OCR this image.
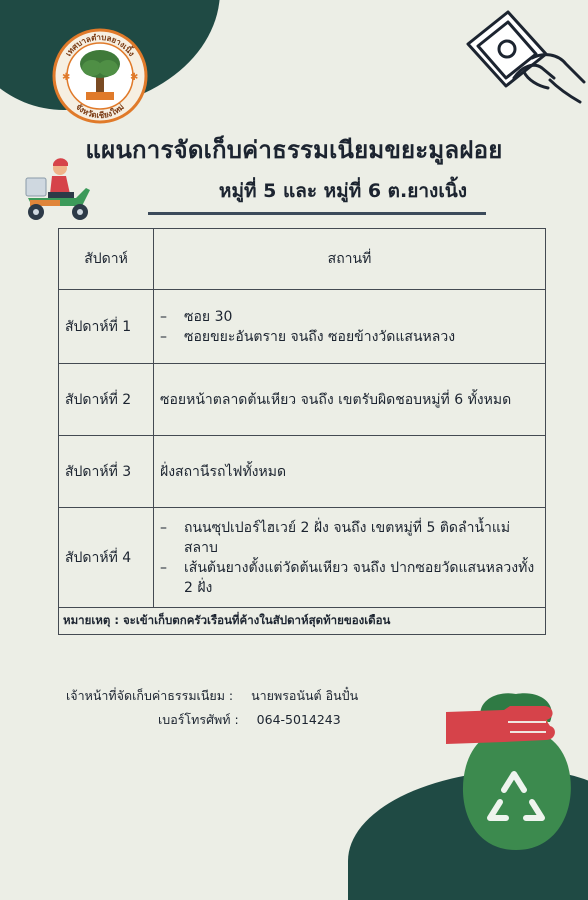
✱	✱
เทศบาลตำบลยางเนิ้ง
จังหวัดเชียงใหม่
แผนการจัดเก็บค่าธรรมเนียมขยะมูลฝอย
หมู่ที่ 5 และ หมู่ที่ 6 ต.ยางเนิ้ง
สัปดาห์	สถานที่
สัปดาห์ที่ 1	– ซอย 30
– ซอยขยะอันตราย จนถึง ซอยข้างวัดแสนหลวง

สัปดาห์ที่ 2	ซอยหน้าตลาดต้นเหียว จนถึง เขตรับผิดชอบหมู่ที่ 6 ทั้งหมด
สัปดาห์ที่ 3	ฝั่งสถานีรถไฟทั้งหมด
สัปดาห์ที่ 4	– ถนนซุปเปอร์ไฮเวย์ 2 ฝั่ง จนถึง เขตหมู่ที่ 5 ติดลำน้ำแม่สลาบ
– เส้นต้นยางตั้งแต่วัดต้นเหียว จนถึง ปากซอยวัดแสนหลวงทั้ง 2 ฝั่ง

หมายเหตุ : จะเข้าเก็บตกครัวเรือนที่ค้างในสัปดาห์สุดท้ายของเดือน	
เจ้าหน้าที่จัดเก็บค่าธรรมเนียม : นายพรอนันต์ อินปั๋น
เบอร์โทรศัพท์ : 064-5014243
